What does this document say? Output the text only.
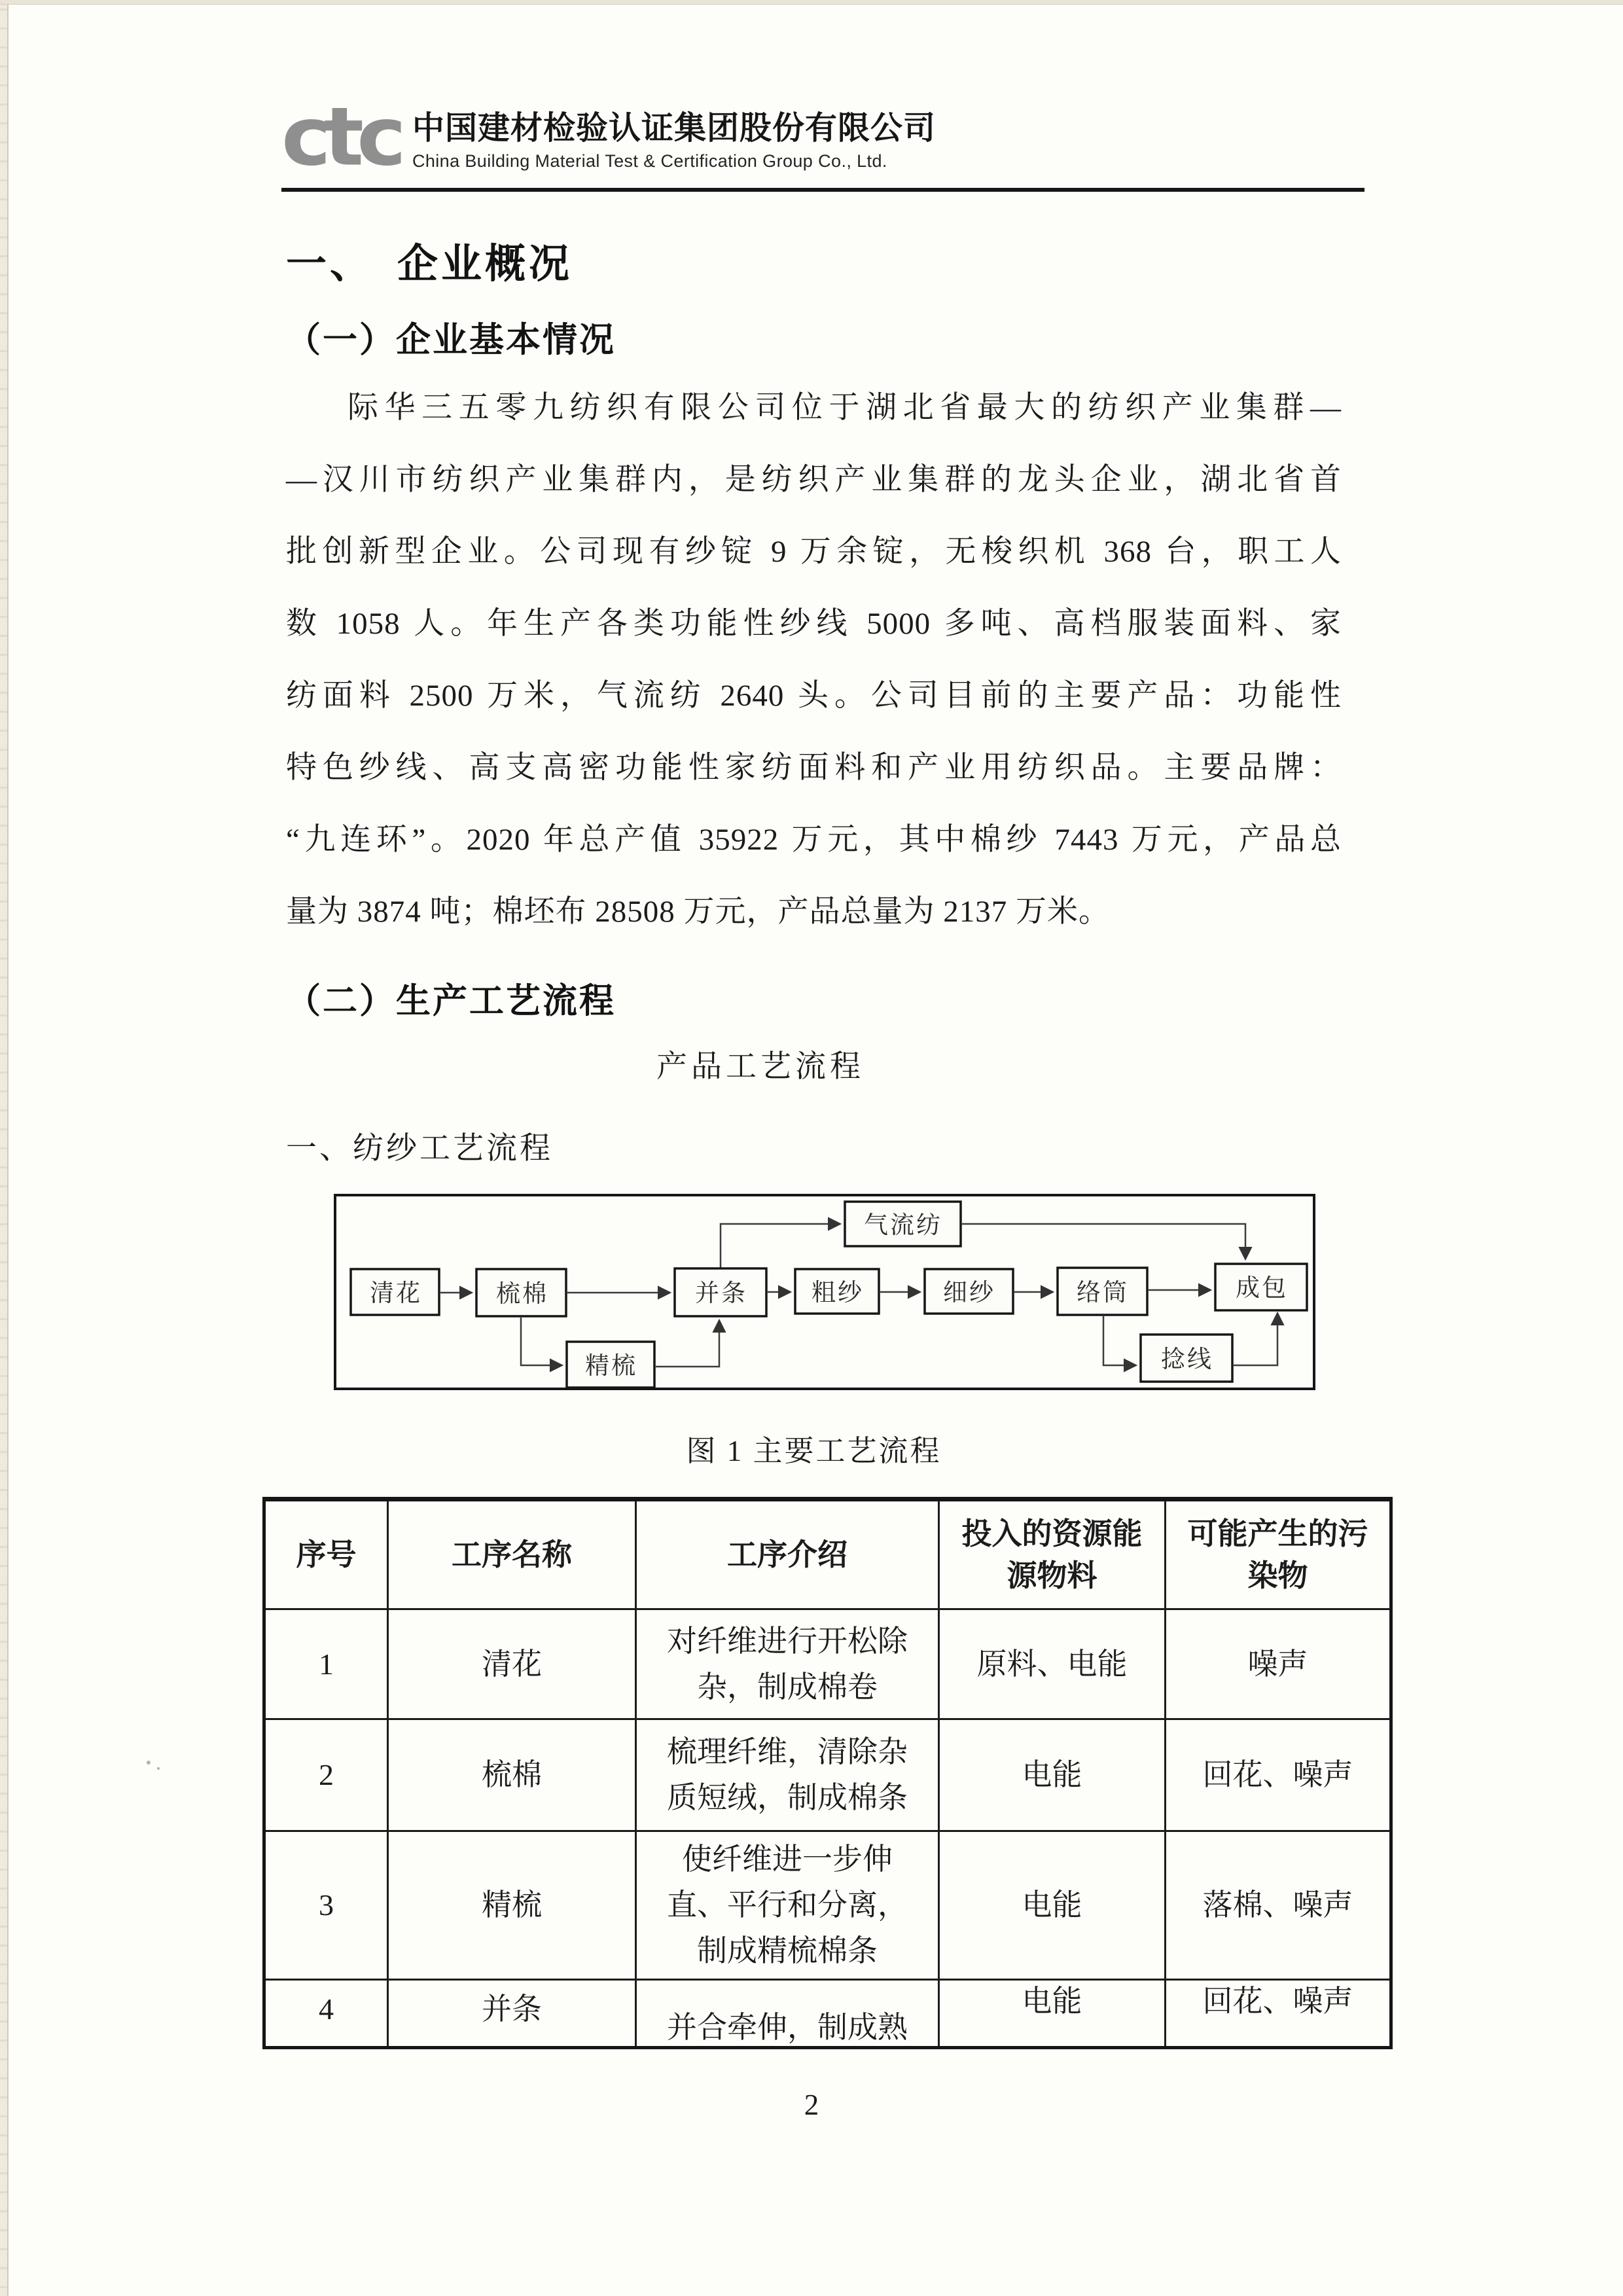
ctc 中国建材检验认证集团股份有限公司
China Building Material Test & Certification Group Co., Ltd.
一、　企业概况
（一）企业基本情况
际华三五零九纺织有限公司位于湖北省最大的纺织产业集群—
—汉川市纺织产业集群内，是纺织产业集群的龙头企业，湖北省首
批创新型企业。公司现有纱锭 9 万余锭，无梭织机 368 台，职工人
数 1058 人。年生产各类功能性纱线 5000 多吨、高档服装面料、家
纺面料 2500 万米，气流纺 2640 头。公司目前的主要产品：功能性
特色纱线、高支高密功能性家纺面料和产业用纺织品。主要品牌：
“九连环”。2020 年总产值 35922 万元，其中棉纱 7443 万元，产品总
量为 3874 吨；棉坯布 28508 万元，产品总量为 2137 万米。
（二）生产工艺流程
产品工艺流程
一、纺纱工艺流程
清花	梳棉
精梳
并条
气流纺
粗纱	细纱	络筒
捻线
成包
图 1 主要工艺流程
序号	工序名称	工序介绍	投入的资源能源物料	可能产生的污染物
1	清花	对纤维进行开松除杂，制成棉卷	原料、电能	噪声
2	梳棉	梳理纤维，清除杂质短绒，制成棉条	电能	回花、噪声
3	精梳	使纤维进一步伸直、平行和分离，制成精梳棉条	电能	落棉、噪声

4	并条	并合牵伸，制成熟	电能	回花、噪声
2
